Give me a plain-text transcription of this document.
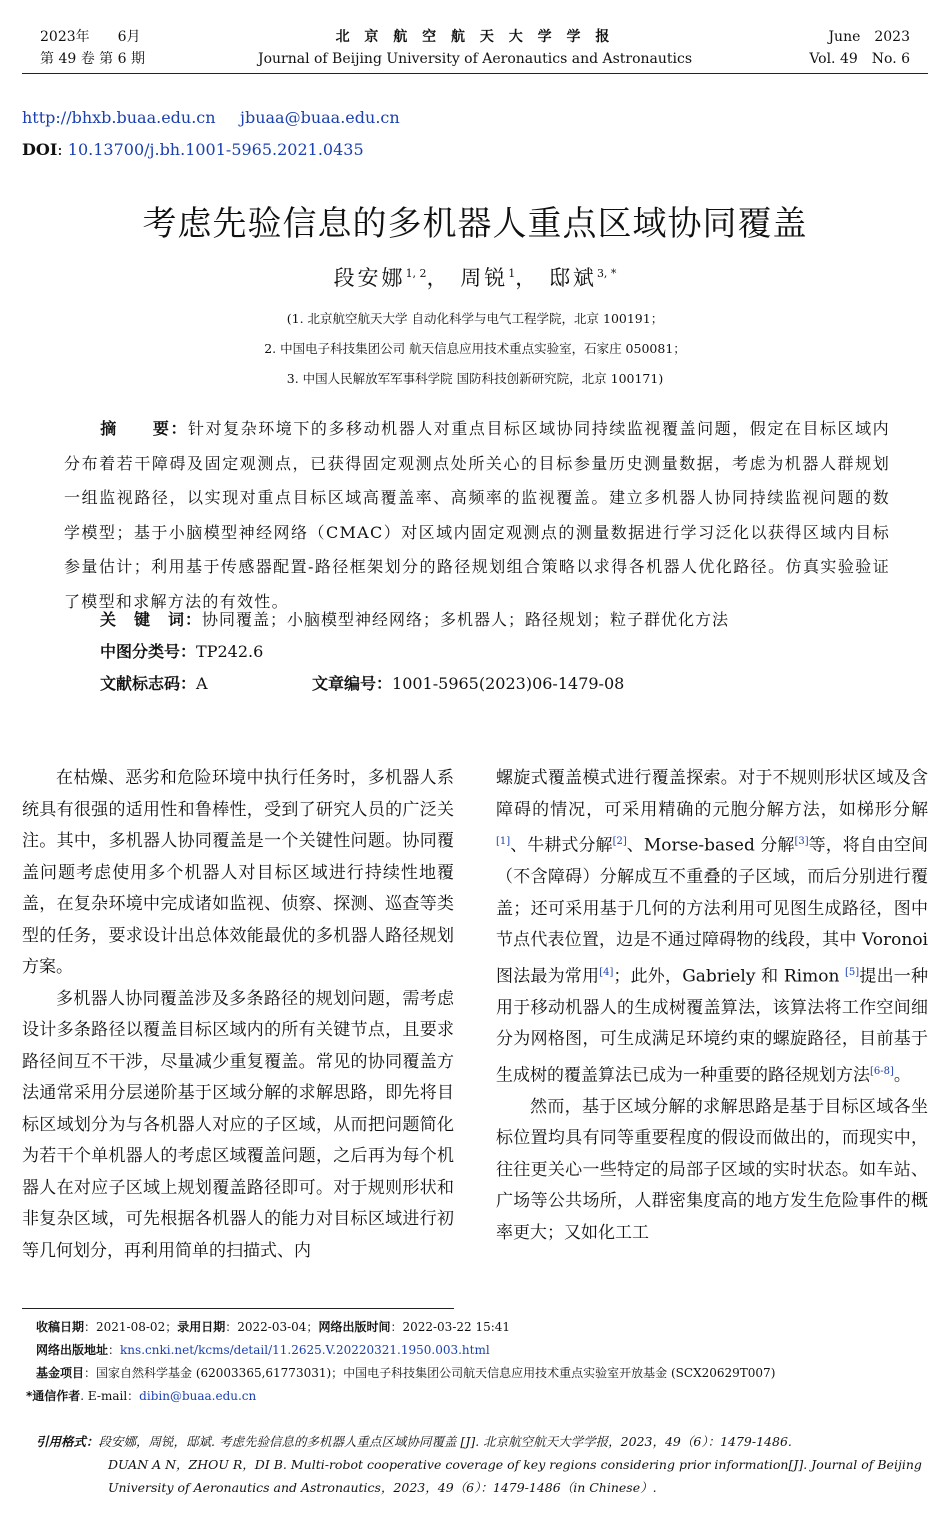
2023年　　6月
第 49 卷 第 6 期
北 京 航 空 航 天 大 学 学 报
Journal of Beijing University of Aeronautics and Astronautics
June　2023
Vol. 49　No. 6
http://bhxb.buaa.edu.cn jbuaa@buaa.edu.cn
DOI: 10.13700/j.bh.1001-5965.2021.0435
考虑先验信息的多机器人重点区域协同覆盖
段安娜$^{1, 2}$， 周锐$^1$， 邸斌$^{3, *}$
(1. 北京航空航天大学 自动化科学与电气工程学院，北京 100191；
2. 中国电子科技集团公司 航天信息应用技术重点实验室，石家庄 050081；
3. 中国人民解放军军事科学院 国防科技创新研究院，北京 100171)
摘　　要：针对复杂环境下的多移动机器人对重点目标区域协同持续监视覆盖问题，假定在目标区域内分布着若干障碍及固定观测点，已获得固定观测点处所关心的目标参量历史测量数据，考虑为机器人群规划一组监视路径，以实现对重点目标区域高覆盖率、高频率的监视覆盖。建立多机器人协同持续监视问题的数学模型；基于小脑模型神经网络（CMAC）对区域内固定观测点的测量数据进行学习泛化以获得区域内目标参量估计；利用基于传感器配置-路径框架划分的路径规划组合策略以求得各机器人优化路径。仿真实验验证了模型和求解方法的有效性。
关　键　词：协同覆盖；小脑模型神经网络；多机器人；路径规划；粒子群优化方法
中图分类号：TP242.6
文献标志码：A	文章编号：1001-5965(2023)06-1479-08

在枯燥、恶劣和危险环境中执行任务时，多机器人系统具有很强的适用性和鲁棒性，受到了研究人员的广泛关注。其中，多机器人协同覆盖是一个关键性问题。协同覆盖问题考虑使用多个机器人对目标区域进行持续性地覆盖，在复杂环境中完成诸如监视、侦察、探测、巡查等类型的任务，要求设计出总体效能最优的多机器人路径规划方案。

多机器人协同覆盖涉及多条路径的规划问题，需考虑设计多条路径以覆盖目标区域内的所有关键节点，且要求路径间互不干涉，尽量减少重复覆盖。常见的协同覆盖方法通常采用分层递阶基于区域分解的求解思路，即先将目标区域划分为与各机器人对应的子区域，从而把问题简化为若干个单机器人的考虑区域覆盖问题，之后再为每个机器人在对应子区域上规划覆盖路径即可。对于规则形状和非复杂区域，可先根据各机器人的能力对目标区域进行初等几何划分，再利用简单的扫描式、内

螺旋式覆盖模式进行覆盖探索。对于不规则形状区域及含障碍的情况，可采用精确的元胞分解方法，如梯形分解[1]、牛耕式分解[2]、Morse-based 分解[3]等，将自由空间（不含障碍）分解成互不重叠的子区域，而后分别进行覆盖；还可采用基于几何的方法利用可见图生成路径，图中节点代表位置，边是不通过障碍物的线段，其中 Voronoi 图法最为常用[4]；此外，Gabriely 和 Rimon [5]提出一种用于移动机器人的生成树覆盖算法，该算法将工作空间细分为网格图，可生成满足环境约束的螺旋路径，目前基于生成树的覆盖算法已成为一种重要的路径规划方法[6-8]。

然而，基于区域分解的求解思路是基于目标区域各坐标位置均具有同等重要程度的假设而做出的，而现实中，往往更关心一些特定的局部子区域的实时状态。如车站、广场等公共场所，人群密集度高的地方发生危险事件的概率更大；又如化工工

收稿日期：2021-08-02；录用日期：2022-03-04；网络出版时间：2022-03-22 15:41
网络出版地址：kns.cnki.net/kcms/detail/11.2625.V.20220321.1950.003.html
基金项目：国家自然科学基金 (62003365,61773031)；中国电子科技集团公司航天信息应用技术重点实验室开放基金 (SCX20629T007)
*通信作者. E-mail：dibin@buaa.edu.cn
引用格式：段安娜，周锐，邸斌. 考虑先验信息的多机器人重点区域协同覆盖 [J]. 北京航空航天大学学报，2023，49（6）：1479-1486.

DUAN A N，ZHOU R，DI B. Multi-robot cooperative coverage of key regions considering prior information[J]. Journal of Beijing University of Aeronautics and Astronautics，2023，49（6）：1479-1486（in Chinese）.
